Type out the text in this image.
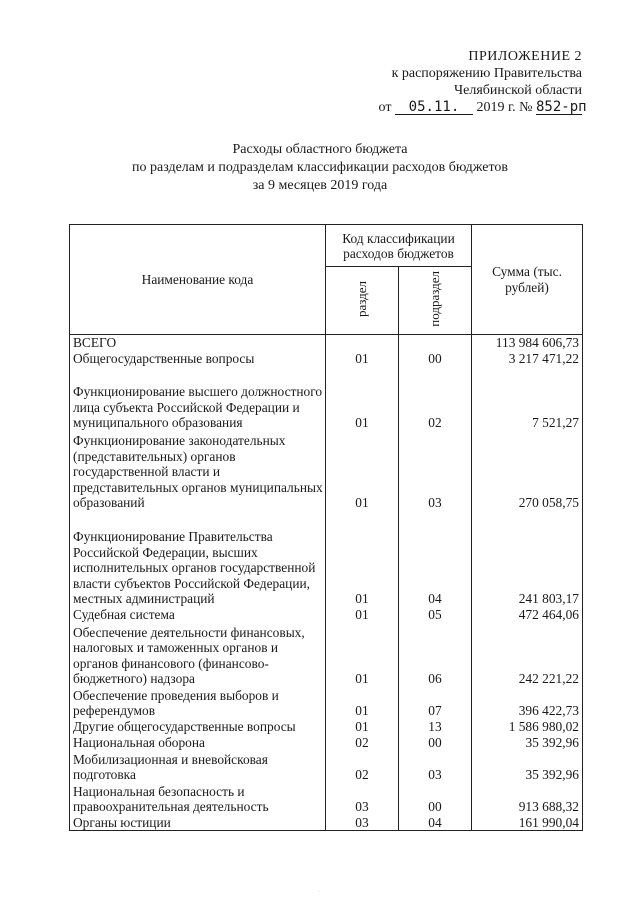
ПРИЛОЖЕНИЕ 2
к распоряжению Правительства
Челябинской области
от 05.11. 2019 г. № 852-рп
Расходы областного бюджета
по разделам и подразделам классификации расходов бюджетов
за 9 месяцев 2019 года
Наименование кода	Код классификации расходов бюджетов		Сумма (тыс. рублей)
	раздел	подраздел	
ВСЕГО			113 984 606,73
Общегосударственные вопросы	01	00	3 217 471,22
Функционирование высшего должностного лица субъекта Российской Федерации и муниципального образования	01	02	7 521,27
Функционирование законодательных (представительных) органов государственной власти и представительных органов муниципальных образований	01	03	270 058,75
Функционирование Правительства Российской Федерации, высших исполнительных органов государственной власти субъектов Российской Федерации, местных администраций	01	04	241 803,17
Судебная система	01	05	472 464,06
Обеспечение деятельности финансовых, налоговых и таможенных органов и органов финансового (финансово-бюджетного) надзора	01	06	242 221,22
Обеспечение проведения выборов и референдумов	01	07	396 422,73
Другие общегосударственные вопросы	01	13	1 586 980,02
Национальная оборона	02	00	35 392,96
Мобилизационная и вневойсковая подготовка	02	03	35 392,96
Национальная безопасность и правоохранительная деятельность	03	00	913 688,32
Органы юстиции	03	04	161 990,04
·
